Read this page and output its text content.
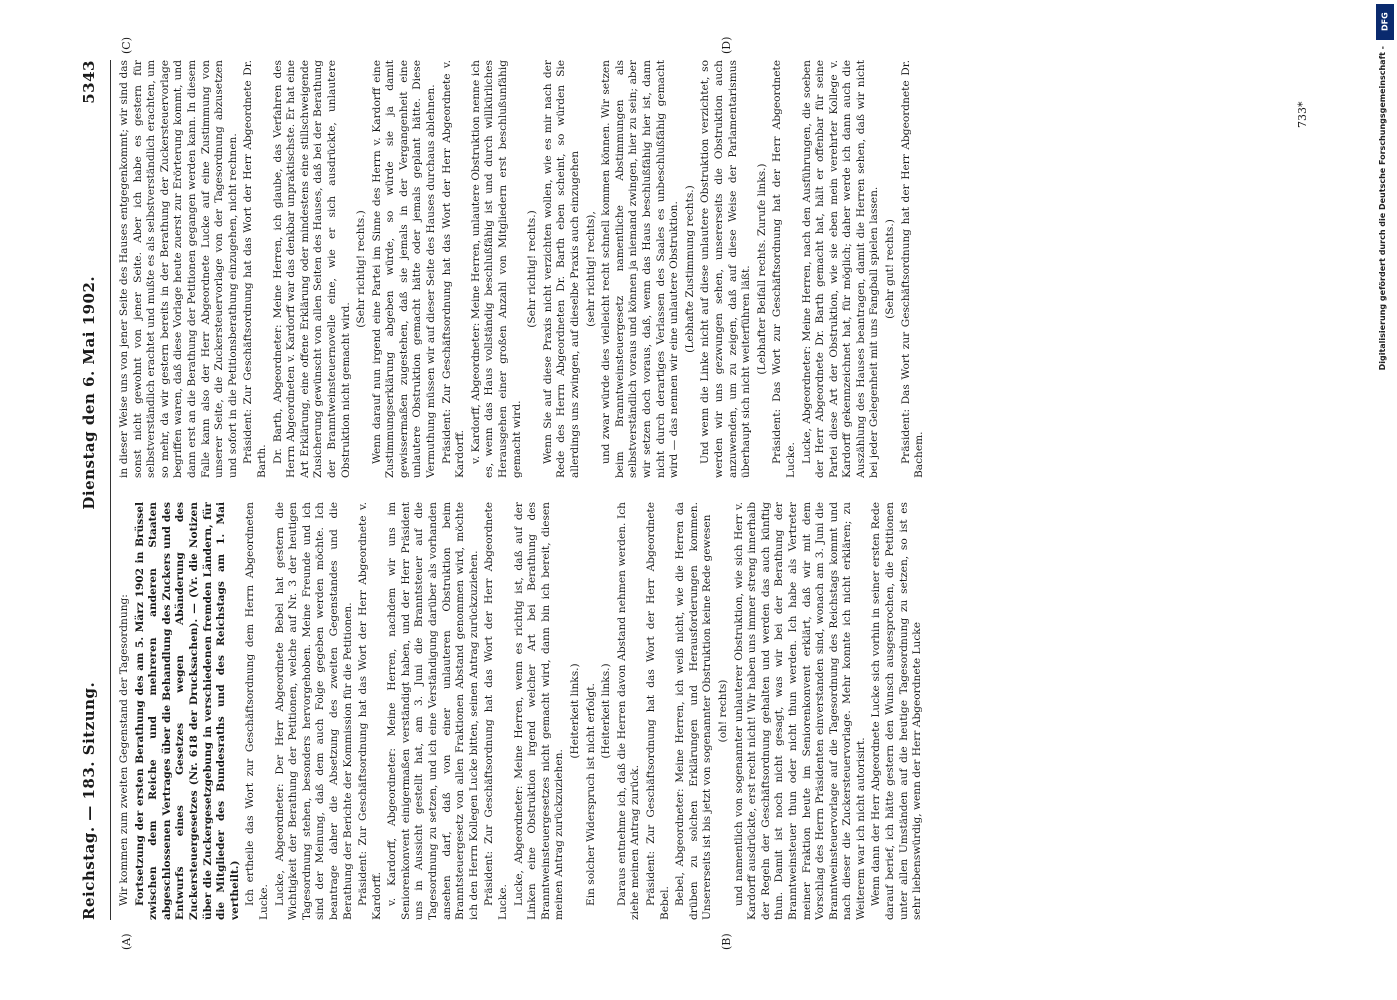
Reichstag. — 183. Sitzung.
Dienstag den 6. Mai 1902.
5343
(A)	(B)
(C)	(D)

Wir kommen zum zweiten Gegenstand der Tagesordnung: Fortsetzung der ersten Berathung des am 5. März 1902 in Brüssel zwischen dem Reiche und mehreren anderen Staaten abgeschlossenen Vertrages über die Behandlung des Zuckers und des Entwurfs eines Gesetzes wegen Abänderung des Zuckersteuergesetzes (Nr. 618 der Drucksachen). — (Vr. die Notizen über die Zuckergesetzgebung in verschiedenen fremden Ländern, für die Mitglieder des Bundesraths und des Reichstags am 1. Mai vertheilt.) Ich ertheile das Wort zur Geschäftsordnung dem Herrn Abgeordneten Lucke. Lucke, Abgeordneter: Der Herr Abgeordnete Bebel hat gestern die Wichtigkeit der Berathung der Petitionen, welche auf Nr. 3 der heutigen Tagesordnung stehen, besonders hervorgehoben. Meine Freunde und ich sind der Meinung, daß dem auch Folge gegeben werden möchte. Ich beantrage daher die Absetzung des zweiten Gegenstandes und die Berathung der Berichte der Kommission für die Petitionen. Präsident: Zur Geschäftsordnung hat das Wort der Herr Abgeordnete v. Kardorff. v. Kardorff, Abgeordneter: Meine Herren, nachdem wir uns im Seniorenkonvent einigermaßen verständigt haben, und der Herr Präsident uns in Aussicht gestellt hat, am 3. Juni die Branntsteuer auf die Tagesordnung zu setzen, und ich eine Verständigung darüber als vorhanden ansehen darf, daß von einer unlauteren Obstruktion beim Branntsteuergesetz von allen Fraktionen Abstand genommen wird, möchte ich den Herrn Kollegen Lucke bitten, seinen Antrag zurückzuziehen. Präsident: Zur Geschäftsordnung hat das Wort der Herr Abgeordnete Lucke. Lucke, Abgeordneter: Meine Herren, wenn es richtig ist, daß auf der Linken eine Obstruktion irgend welcher Art bei Berathung des Branntweinsteuergesetzes nicht gemacht wird, dann bin ich bereit, diesen meinen Antrag zurückzuziehen.

(Heiterkeit links.) Ein solcher Widerspruch ist nicht erfolgt. (Heiterkeit links.) Daraus entnehme ich, daß die Herren davon Abstand nehmen werden. Ich ziehe meinen Antrag zurück. Präsident: Zur Geschäftsordnung hat das Wort der Herr Abgeordnete Bebel. Bebel, Abgeordneter: Meine Herren, ich weiß nicht, wie die Herren da drüben zu solchen Erklärungen und Herausforderungen kommen. Unsererseits ist bis jetzt von sogenannter Obstruktion keine Rede gewesen (oh! rechts) und namentlich von sogenannter unlauterer Obstruktion, wie sich Herr v. Kardorff ausdrückte, erst recht nicht! Wir haben uns immer streng innerhalb der Regeln der Geschäftsordnung gehalten und werden das auch künftig thun. Damit ist noch nicht gesagt, was wir bei der Berathung der Branntweinsteuer thun oder nicht thun werden. Ich habe als Vertreter meiner Fraktion heute im Seniorenkonvent erklärt, daß wir mit dem Vorschlag des Herrn Präsidenten einverstanden sind, wonach am 3. Juni die Branntweinsteuervorlage auf die Tagesordnung des Reichstags kommt und nach dieser die Zuckersteuervorlage. Mehr konnte ich nicht erklären; zu Weiterem war ich nicht autorisirt. Wenn dann der Herr Abgeordnete Lucke sich vorhin in seiner ersten Rede darauf berief, ich hätte gestern den Wunsch ausgesprochen, die Petitionen unter allen Umständen auf die heutige Tagesordnung zu setzen, so ist es sehr liebenswürdig, wenn der Herr Abgeordnete Lucke

in dieser Weise uns von jener Seite des Hauses entgegenkommt; wir sind das sonst nicht gewohnt von jener Seite. Aber ich habe es gestern für selbstverständlich erachtet und mußte es als selbstverständlich erachten, um so mehr, da wir gestern bereits in der Berathung der Zuckersteuervorlage begriffen waren, daß diese Vorlage heute zuerst zur Erörterung kommt, und dann erst an die Berathung der Petitionen gegangen werden kann. In diesem Falle kann also der Herr Abgeordnete Lucke auf eine Zustimmung von unserer Seite, die Zuckersteuervorlage von der Tagesordnung abzusetzen und sofort in die Petitionsberathung einzugehen, nicht rechnen. Präsident: Zur Geschäftsordnung hat das Wort der Herr Abgeordnete Dr. Barth. Dr. Barth, Abgeordneter: Meine Herren, ich glaube, das Verfahren des Herrn Abgeordneten v. Kardorff war das denkbar unpraktischste. Er hat eine Art Erklärung, eine offene Erklärung oder mindestens eine stillschweigende Zusicherung gewünscht von allen Seiten des Hauses, daß bei der Berathung der Branntweinsteuernovelle eine, wie er sich ausdrückte, unlautere Obstruktion nicht gemacht wird.

(Sehr richtig! rechts.) Wenn darauf nun irgend eine Partei im Sinne des Herrn v. Kardorff eine Zustimmungserklärung abgeben würde, so würde sie ja damit gewissermaßen zugestehen, daß sie jemals in der Vergangenheit eine unlautere Obstruktion gemacht hätte oder jemals geplant hätte. Diese Vermuthung müssen wir auf dieser Seite des Hauses durchaus ablehnen. Präsident: Zur Geschäftsordnung hat das Wort der Herr Abgeordnete v. Kardorff. v. Kardorff, Abgeordneter: Meine Herren, unlautere Obstruktion nenne ich es, wenn das Haus vollständig beschlußfähig ist und durch willkürliches Herausgehen einer großen Anzahl von Mitgliedern erst beschlußunfähig gemacht wird.

(Sehr richtig! rechts.) Wenn Sie auf diese Praxis nicht verzichten wollen, wie es mir nach der Rede des Herrn Abgeordneten Dr. Barth eben scheint, so würden Sie allerdings uns zwingen, auf dieselbe Praxis auch einzugehen (sehr richtig! rechts), und zwar würde dies vielleicht recht schnell kommen können. Wir setzen beim Branntweinsteuergesetz namentliche Abstimmungen als selbstverständlich voraus und können ja niemand zwingen, hier zu sein; aber wir setzen doch voraus, daß, wenn das Haus beschlußfähig hier ist, dann nicht durch derartiges Verlassen des Saales es unbeschlußfähig gemacht wird — das nennen wir eine unlautere Obstruktion. (Lebhafte Zustimmung rechts.) Und wenn die Linke nicht auf diese unlautere Obstruktion verzichtet, so werden wir uns gezwungen sehen, unsererseits die Obstruktion auch anzuwenden, um zu zeigen, daß auf diese Weise der Parlamentarismus überhaupt sich nicht weiterführen läßt. (Lebhafter Beifall rechts. Zurufe links.) Präsident: Das Wort zur Geschäftsordnung hat der Herr Abgeordnete Lucke. Lucke, Abgeordneter: Meine Herren, nach den Ausführungen, die soeben der Herr Abgeordnete Dr. Barth gemacht hat, hält er offenbar für seine Partei diese Art der Obstruktion, wie sie eben mein verehrter Kollege v. Kardorff gekennzeichnet hat, für möglich; daher werde ich dann auch die Auszählung des Hauses beantragen, damit die Herren sehen, daß wir nicht bei jeder Gelegenheit mit uns Fangball spielen lassen. (Sehr gut! rechts.) Präsident: Das Wort zur Geschäftsordnung hat der Herr Abgeordnete Dr. Bachem.

733*
DFG
Digitalisierung gefördert durch die Deutsche Forschungsgemeinschaft -
